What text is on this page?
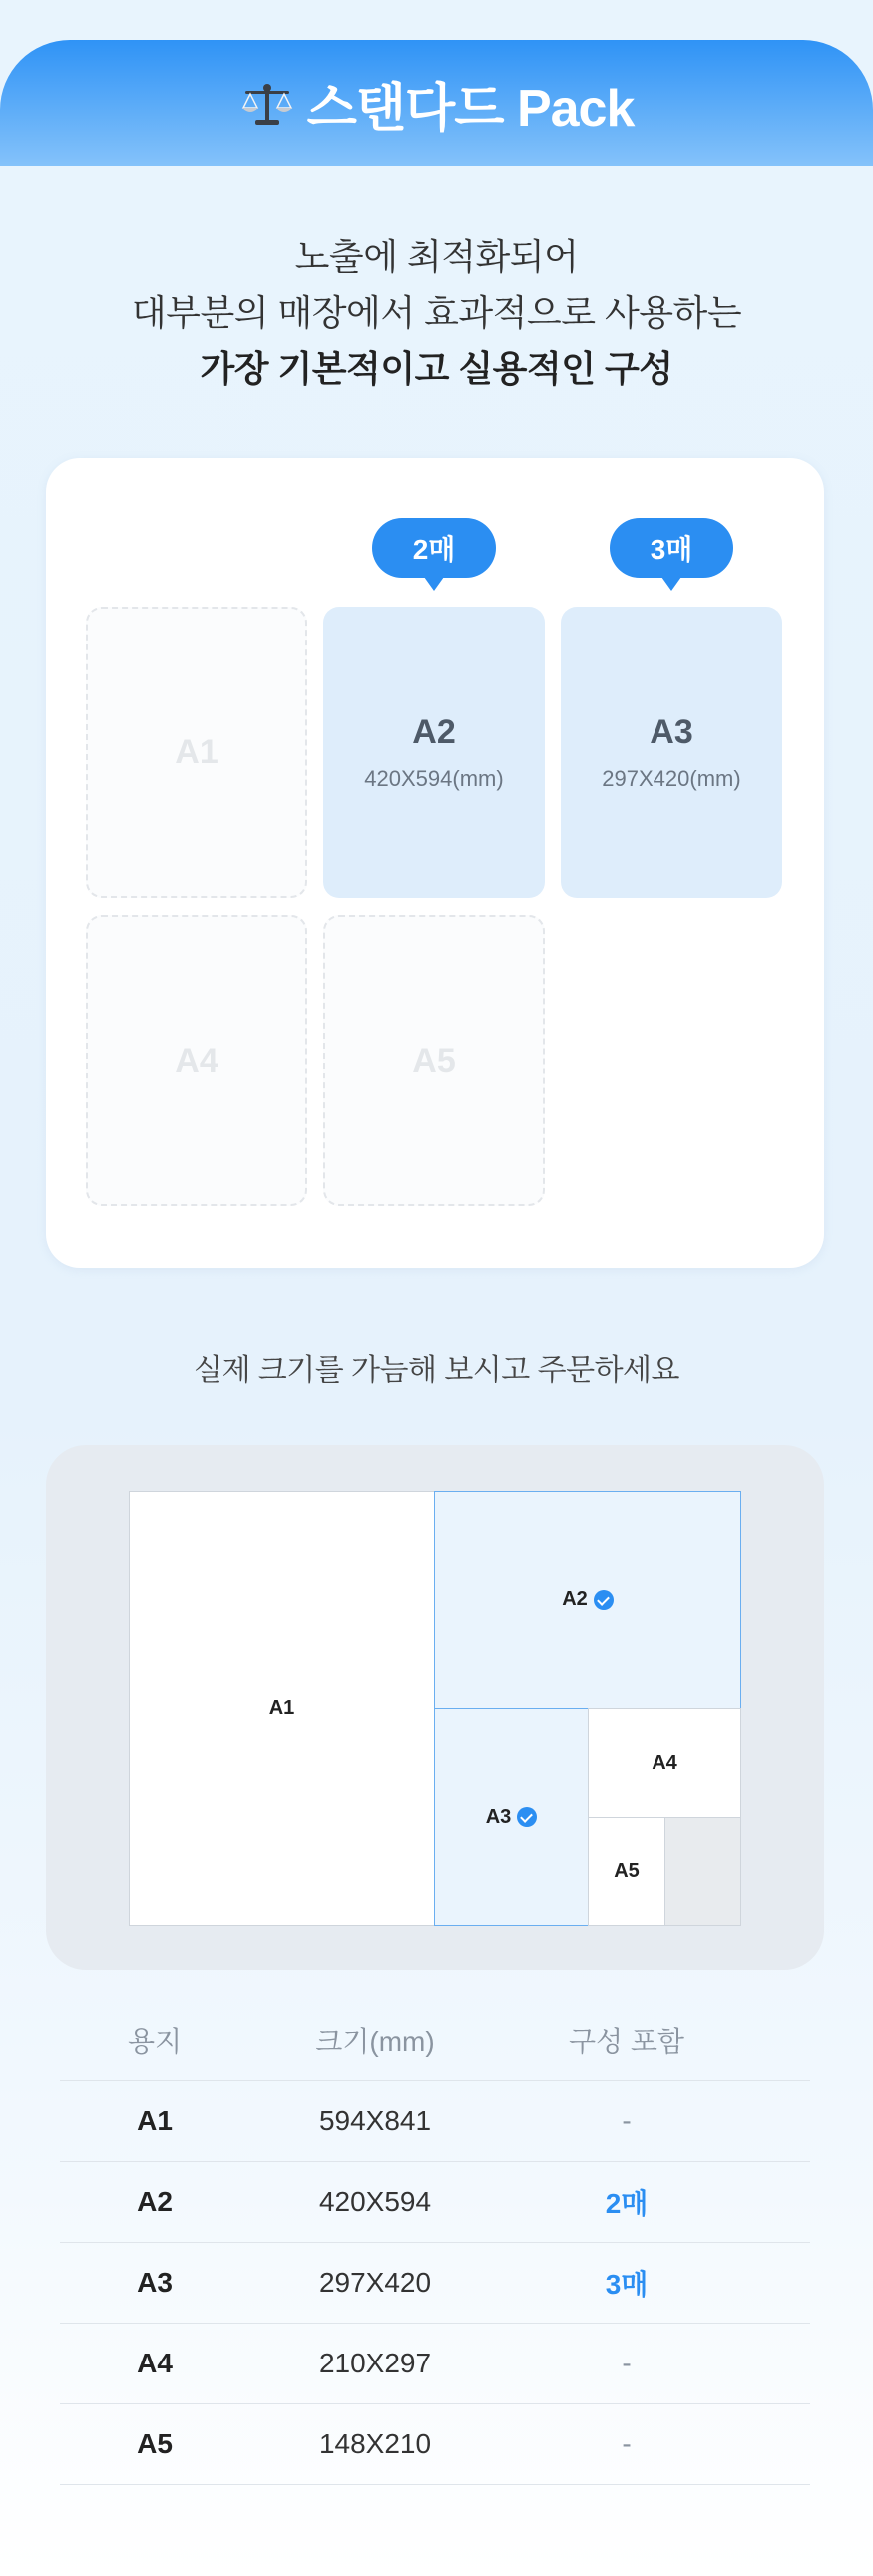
스탠다드 Pack
노출에 최적화되어
대부분의 매장에서 효과적으로 사용하는
가장 기본적이고 실용적인 구성
2매	3매
A1
A2
420X594(mm)
A3
297X420(mm)
A4	A5
실제 크기를 가늠해 보시고 주문하세요
A1
A2
A3
A4
A5
용지	크기(mm)	구성 포함
A1	594X841	-
A2	420X594	2매
A3	297X420	3매
A4	210X297	-
A5	148X210	-
